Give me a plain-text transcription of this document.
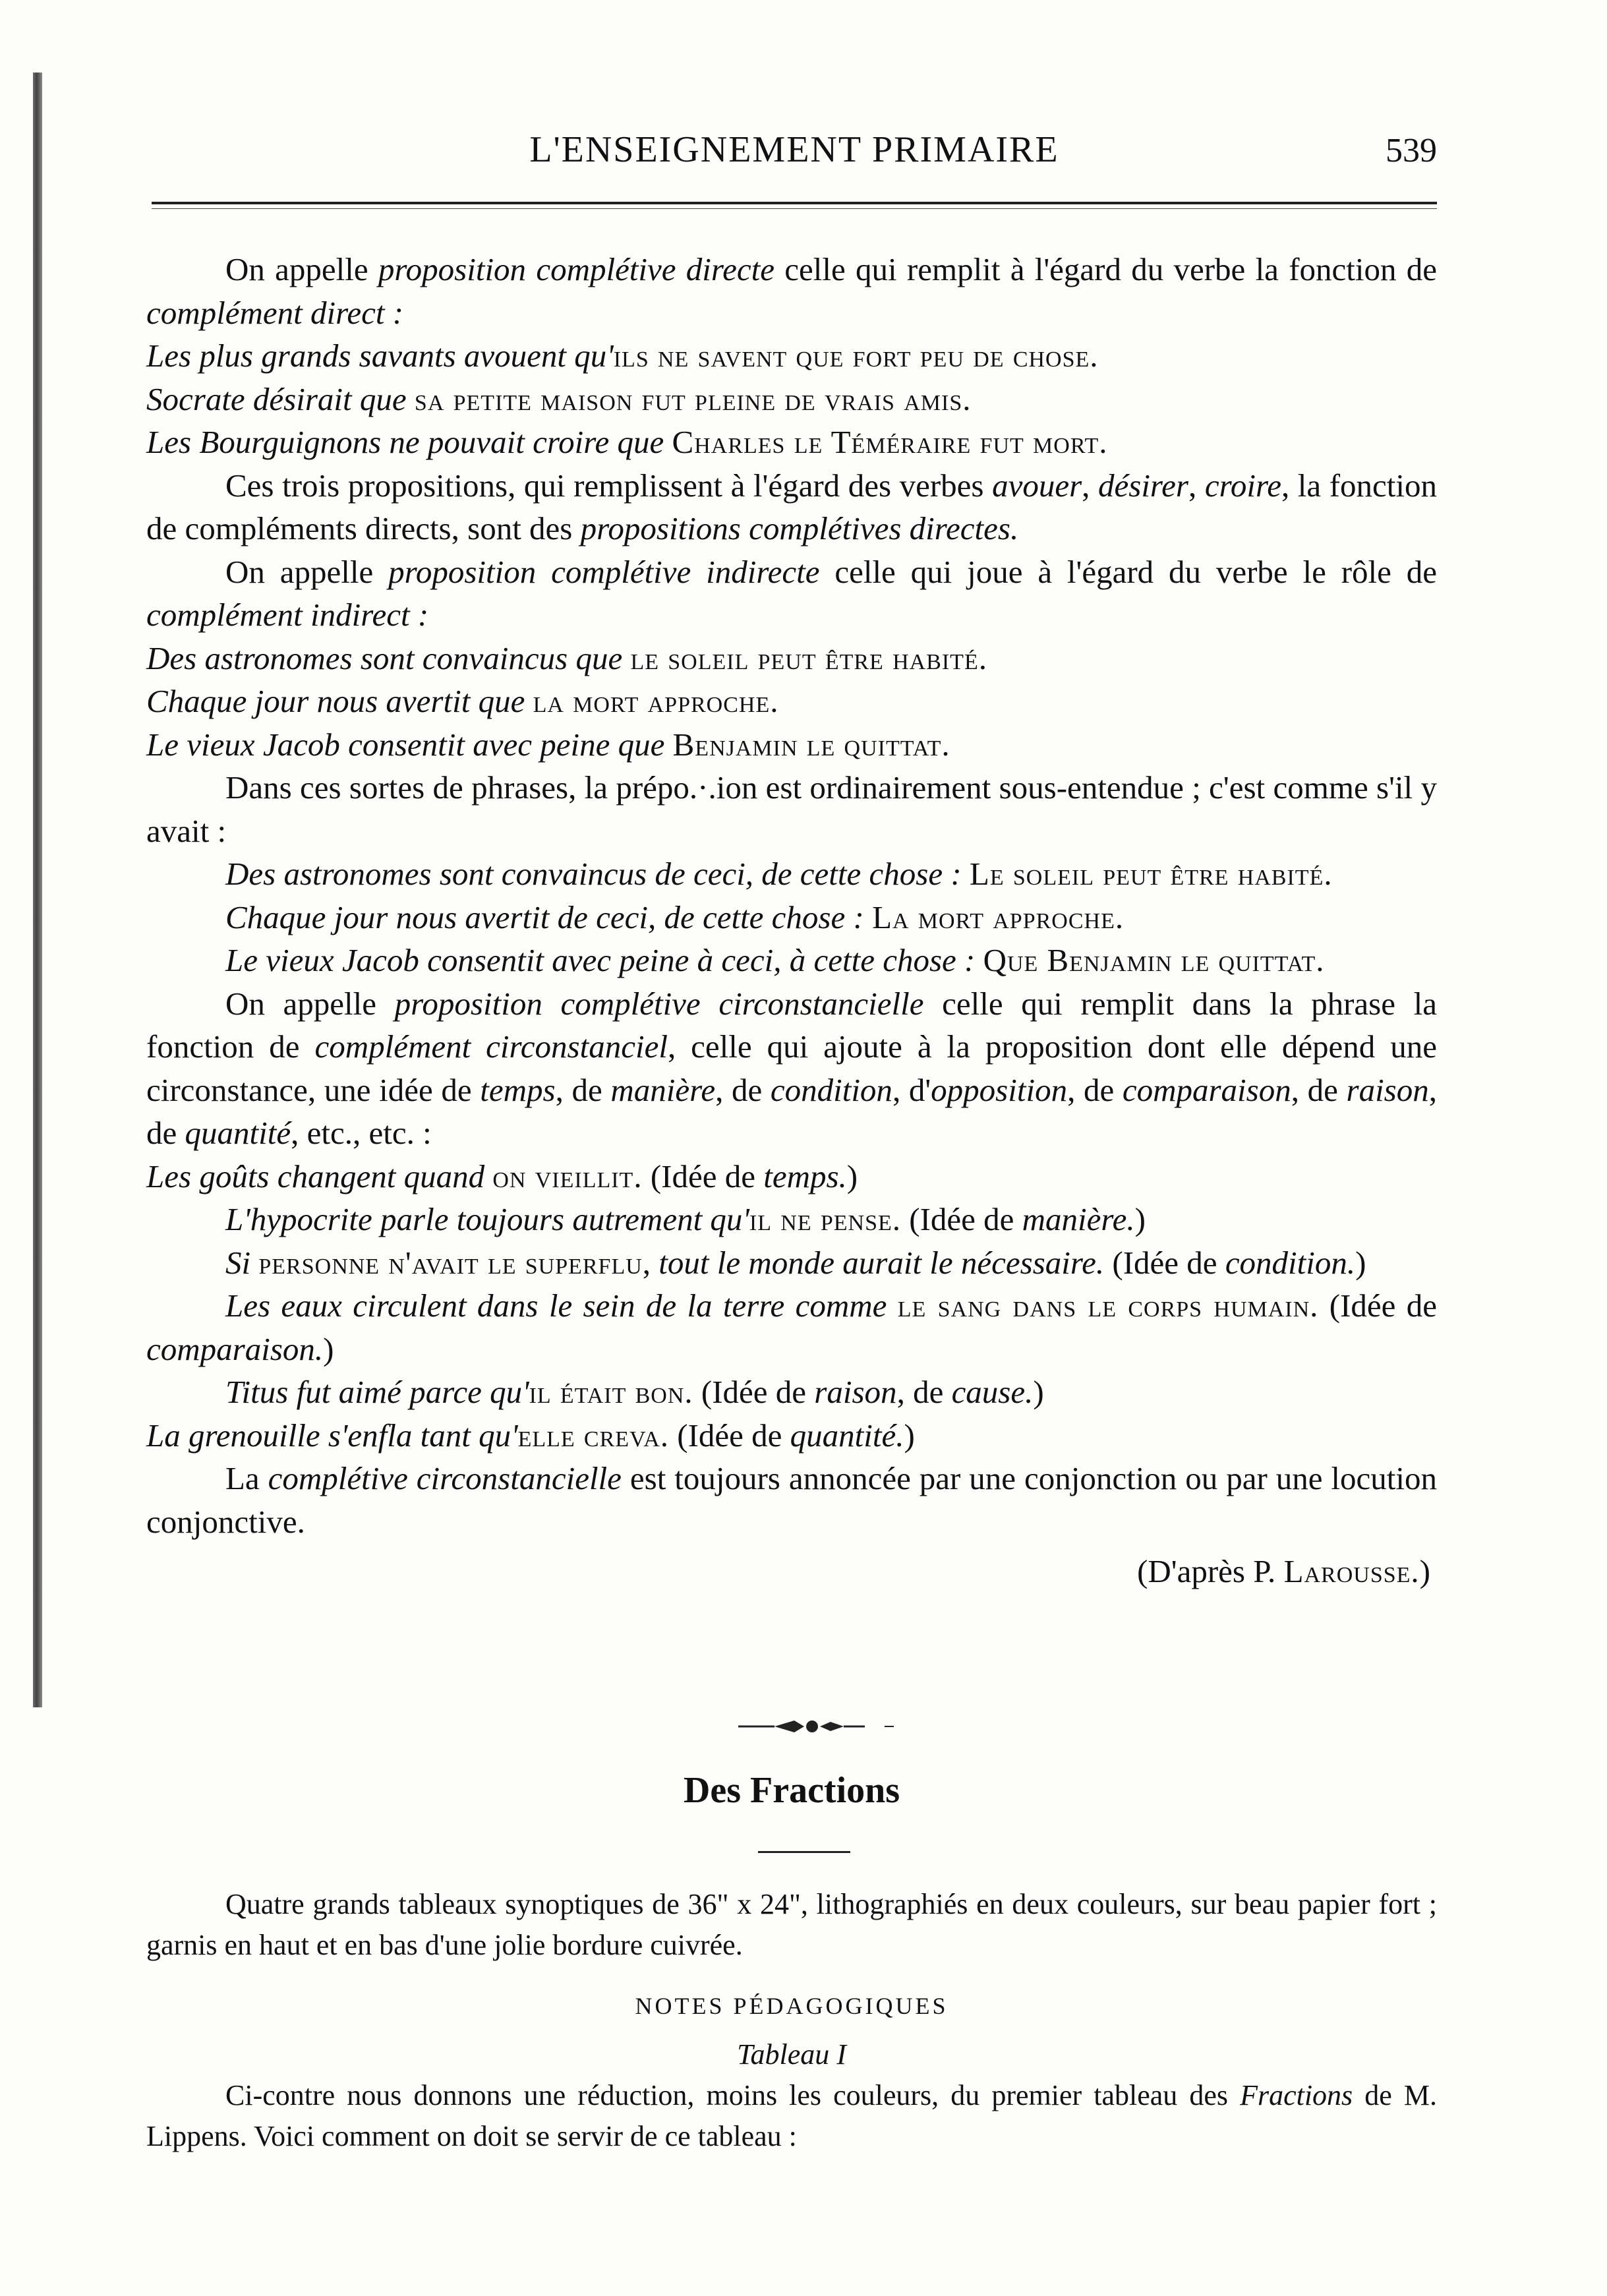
L'ENSEIGNEMENT PRIMAIRE	539

On appelle proposition complétive directe celle qui remplit à l'égard du verbe la fonction de complément direct :

Les plus grands savants avouent qu'ils ne savent que fort peu de chose.

Socrate désirait que sa petite maison fut pleine de vrais amis.

Les Bourguignons ne pouvait croire que Charles le Téméraire fut mort.

Ces trois propositions, qui remplissent à l'égard des verbes avouer, désirer, croire, la fonction de compléments directs, sont des propositions complétives directes.

On appelle proposition complétive indirecte celle qui joue à l'égard du verbe le rôle de complément indirect :

Des astronomes sont convaincus que le soleil peut être habité.

Chaque jour nous avertit que la mort approche.

Le vieux Jacob consentit avec peine que Benjamin le quittat.

Dans ces sortes de phrases, la prépo.·.ion est ordinairement sous-entendue ; c'est comme s'il y avait :

Des astronomes sont convaincus de ceci, de cette chose : Le soleil peut être habité.

Chaque jour nous avertit de ceci, de cette chose : La mort approche.

Le vieux Jacob consentit avec peine à ceci, à cette chose : Que Benjamin le quittat.

On appelle proposition complétive circonstancielle celle qui remplit dans la phrase la fonction de complément circonstanciel, celle qui ajoute à la proposition dont elle dépend une circonstance, une idée de temps, de manière, de condition, d'opposition, de comparaison, de raison, de quantité, etc., etc. :

Les goûts changent quand on vieillit. (Idée de temps.)

L'hypocrite parle toujours autrement qu'il ne pense. (Idée de manière.)

Si personne n'avait le superflu, tout le monde aurait le nécessaire. (Idée de condition.)

Les eaux circulent dans le sein de la terre comme le sang dans le corps humain. (Idée de comparaison.)

Titus fut aimé parce qu'il était bon. (Idée de raison, de cause.)

La grenouille s'enfla tant qu'elle creva. (Idée de quantité.)

La complétive circonstancielle est toujours annoncée par une conjonction ou par une locution conjonctive.

(D'après P. Larousse.)

Des Fractions

Quatre grands tableaux synoptiques de 36" x 24", lithographiés en deux couleurs, sur beau papier fort ; garnis en haut et en bas d'une jolie bordure cuivrée.

NOTES PÉDAGOGIQUES

Tableau I

Ci-contre nous donnons une réduction, moins les couleurs, du premier tableau des Fractions de M. Lippens. Voici comment on doit se servir de ce tableau :
